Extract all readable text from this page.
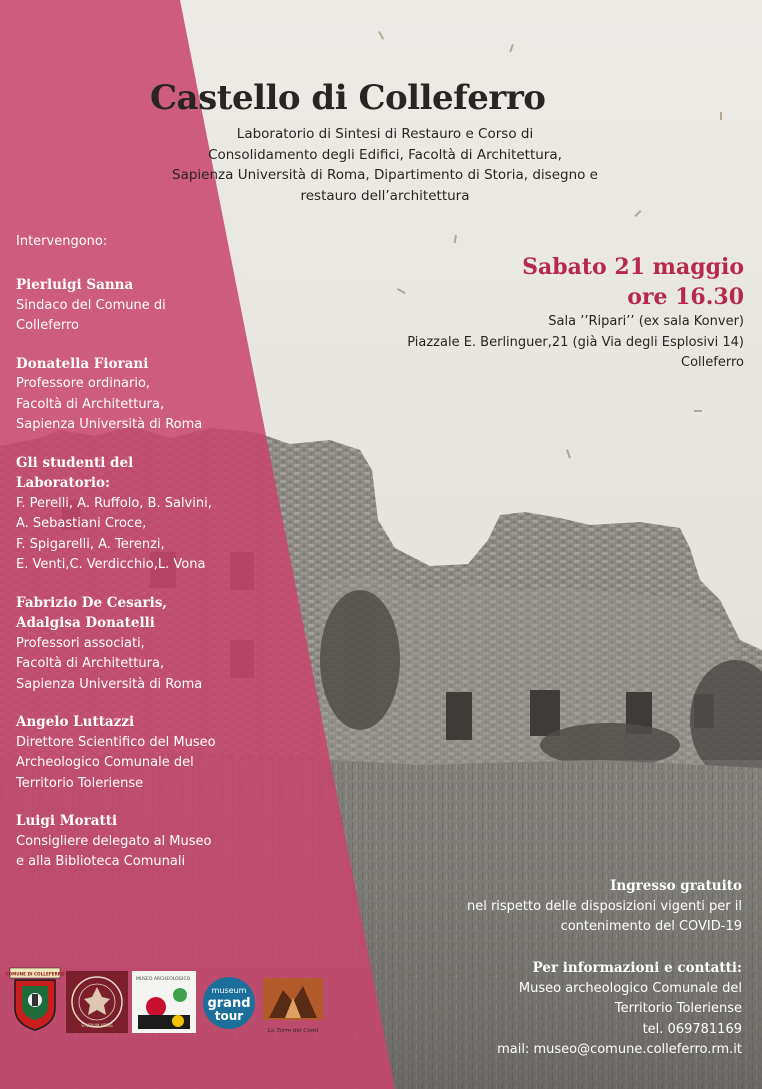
Castello di Colleferro
Laboratorio di Sintesi di Restauro e Corso di
Consolidamento degli Edifici, Facoltà di Architettura,
Sapienza Università di Roma, Dipartimento di Storia, disegno e
restauro dell’architettura
Intervengono:
Pierluigi Sanna
Sindaco del Comune di
Colleferro
Donatella Fiorani
Professore ordinario,
Facoltà di Architettura,
Sapienza Università di Roma
Gli studenti del
Laboratorio:
F. Perelli, A. Ruffolo, B. Salvini,
A. Sebastiani Croce,
F. Spigarelli, A. Terenzi,
E. Venti,C. Verdicchio,L. Vona
Fabrizio De Cesaris,
Adalgisa Donatelli
Professori associati,
Facoltà di Architettura,
Sapienza Università di Roma
Angelo Luttazzi
Direttore Scientifico del Museo
Archeologico Comunale del
Territorio Toleriense
Luigi Moratti
Consigliere delegato al Museo
e alla Biblioteca Comunali
Sabato 21 maggio
ore 16.30
Sala ’’Ripari’’ (ex sala Konver)
Piazzale E. Berlinguer,21 (già Via degli Esplosivi 14)
Colleferro
Ingresso gratuito
nel rispetto delle disposizioni vigenti per il
contenimento del COVID-19
Per informazioni e contatti:
Museo archeologico Comunale del
Territorio Toleriense
tel. 069781169
mail: museo@comune.colleferro.rm.it
COMUNE DI COLLEFERRO
STVDIVM VRBIS
MUSEO ARCHEOLOGICO
museum
grand
tour
La Torre dei Conti
